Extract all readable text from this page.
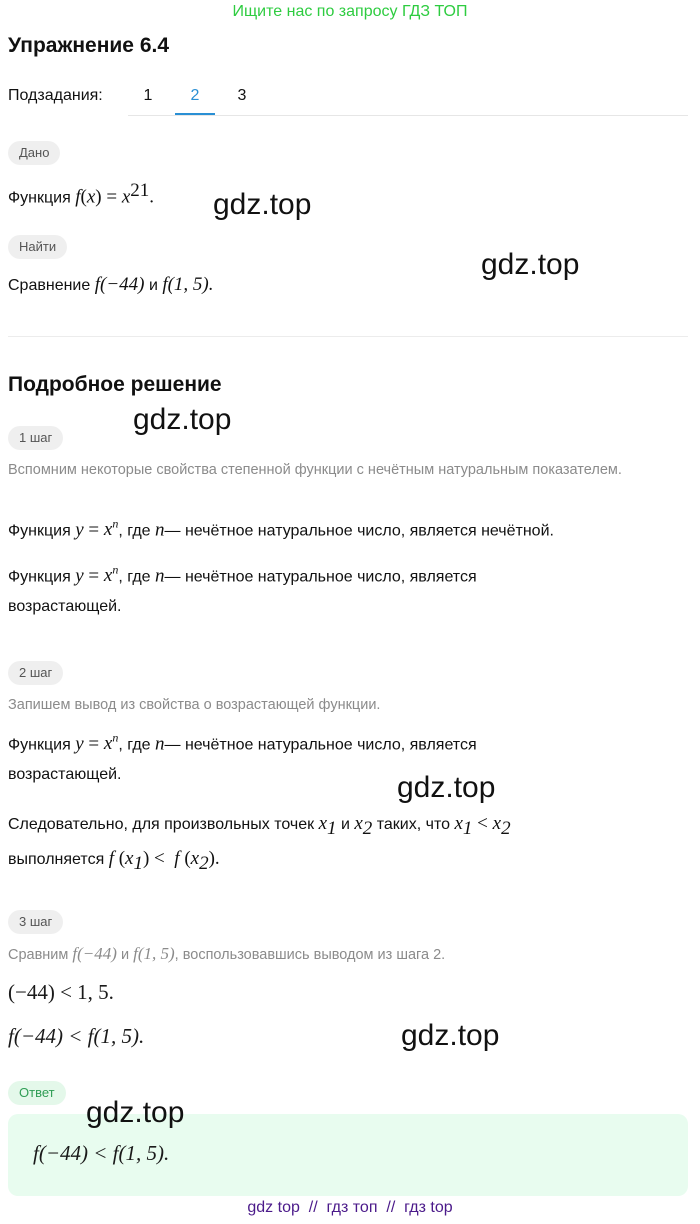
Ищите нас по запросу ГДЗ ТОП
Упражнение 6.4
Подзадания:	1	2	3
Дано
Функция $f(x) = x^{21}$.
Найти
Сравнение f(−44) и f(1, 5).
Подробное решение
1 шаг
Вспомним некоторые свойства степенной функции с нечётным натуральным показателем.
Функция $y = x^n$, где n— нечётное натуральное число, является нечётной.
Функция $y = x^n$, где n— нечётное натуральное число, является
возрастающей.
2 шаг
Запишем вывод из свойства о возрастающей функции.
Функция $y = x^n$, где n— нечётное натуральное число, является
возрастающей.
Следовательно, для произвольных точек $x_1$ и $x_2$ таких, что $x_1 < x_2$
выполняется f $(x_1) < f$ $(x_2)$.
3 шаг
Сравним f(−44) и f(1, 5), воспользовавшись выводом из шага 2.
(−44) < 1, 5.
f(−44) < f(1, 5).
Ответ
f(−44) < f(1, 5).
gdz.top
gdz.top
gdz.top
gdz.top
gdz.top
gdz.top
gdz top  //  гдз топ  //  гдз top
